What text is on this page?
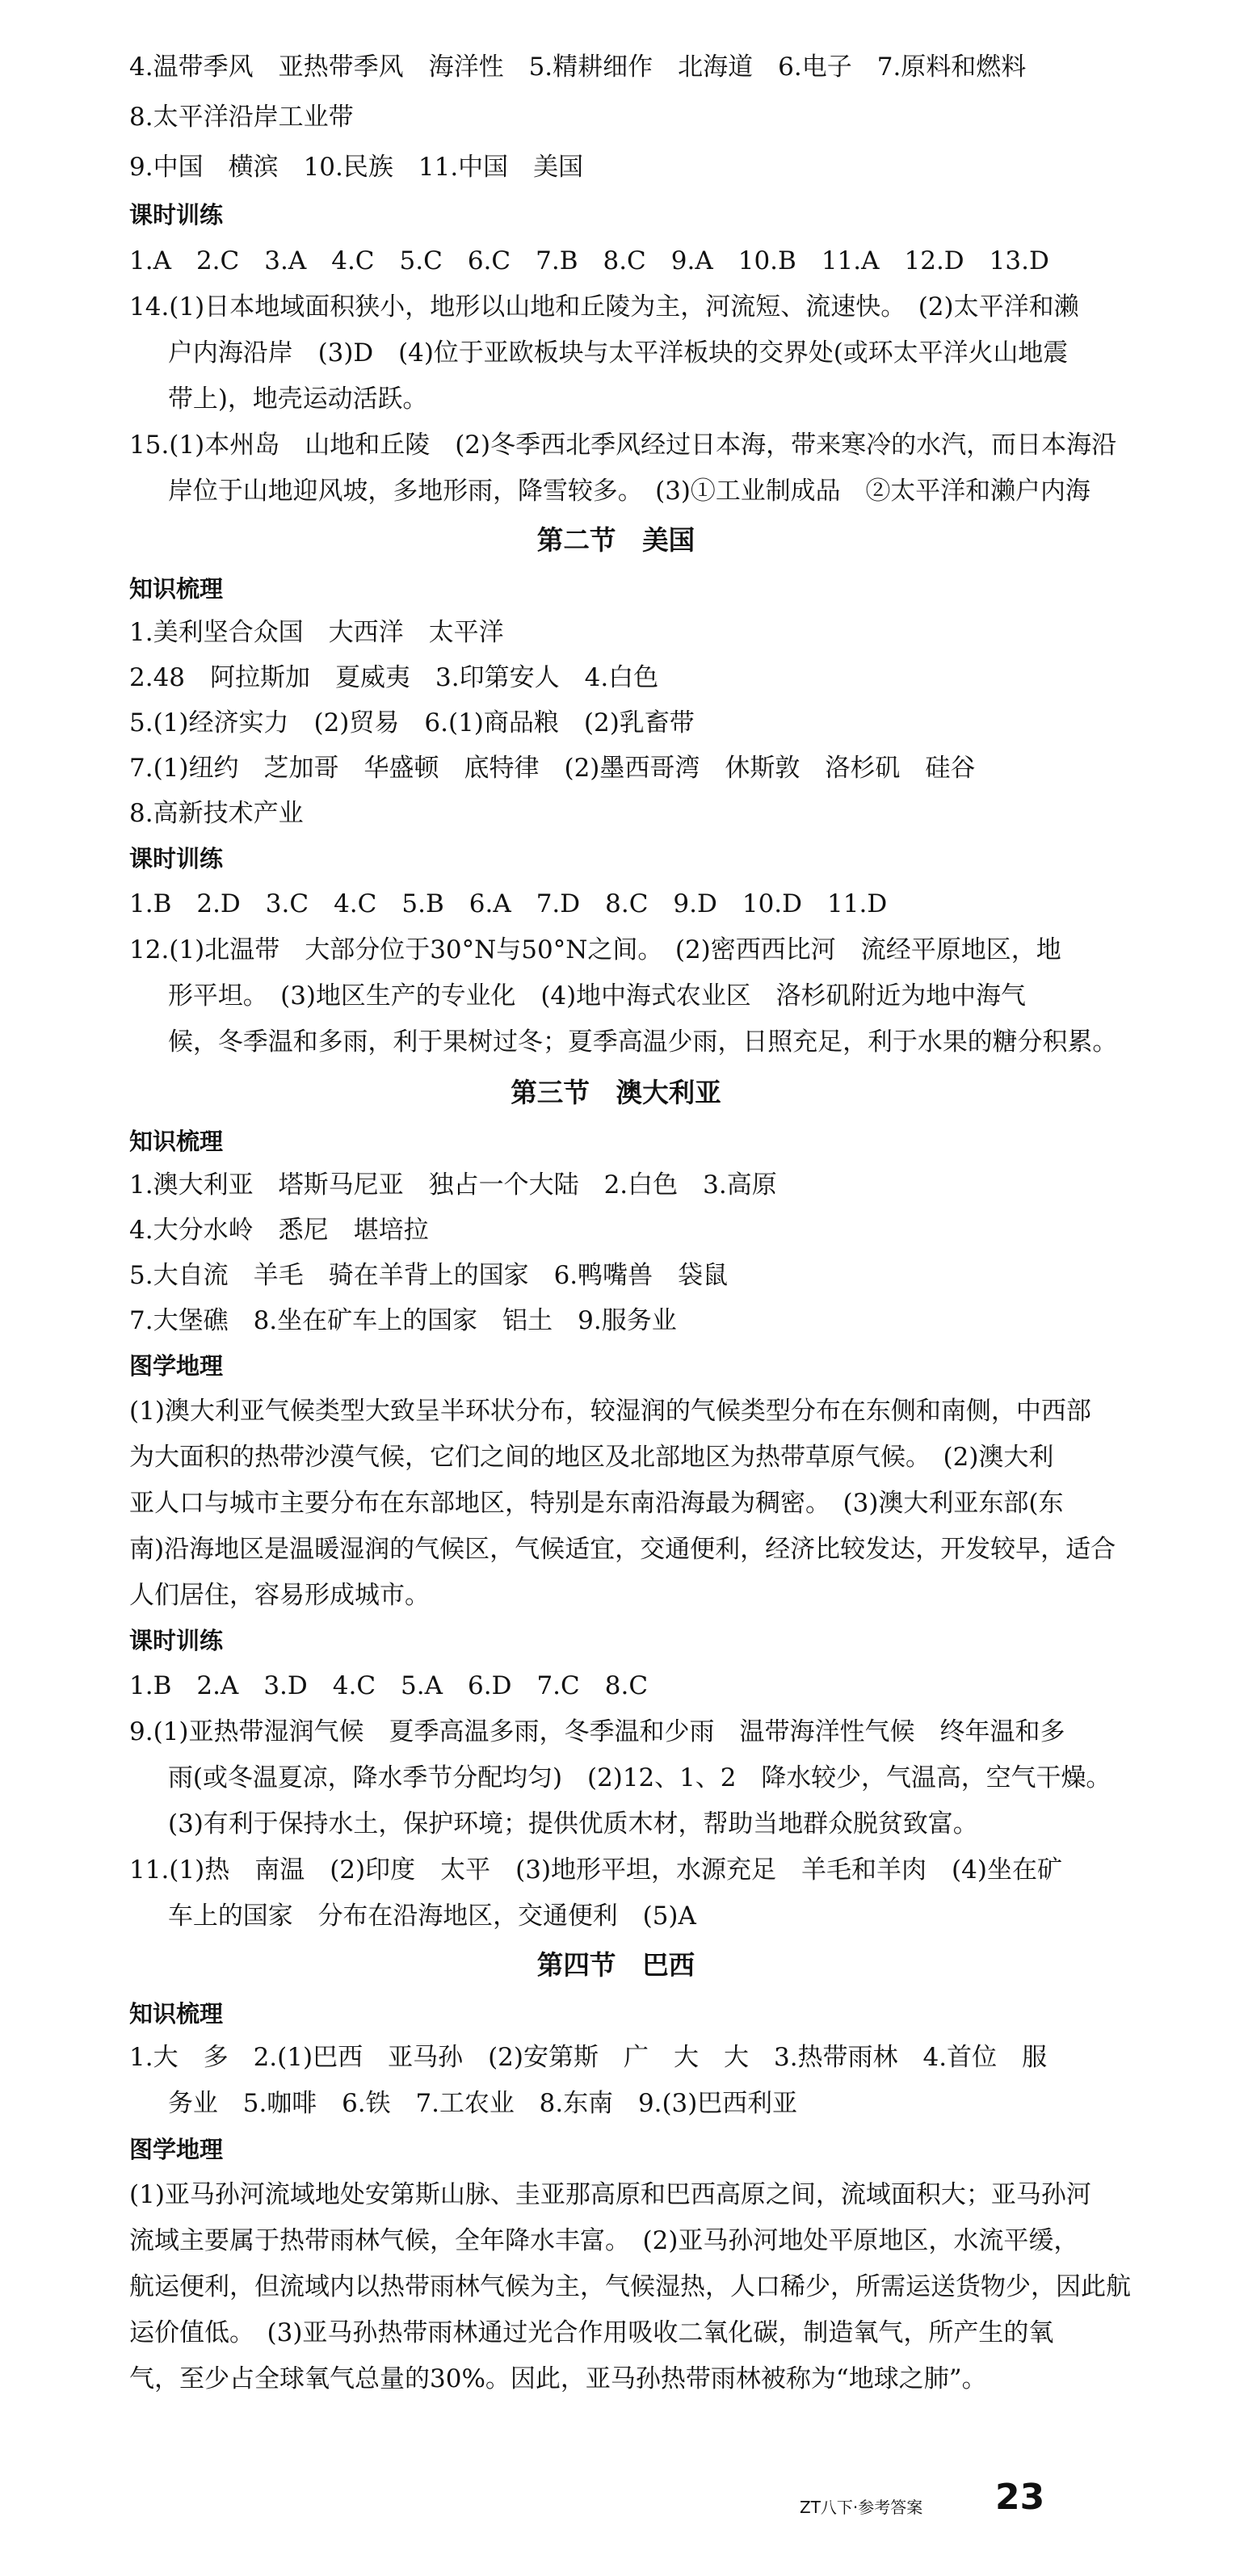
4.温带季风　亚热带季风　海洋性　5.精耕细作　北海道　6.电子　7.原料和燃料
8.太平洋沿岸工业带
9.中国　横滨　10.民族　11.中国　美国
课时训练
1.A　2.C　3.A　4.C　5.C　6.C　7.B　8.C　9.A　10.B　11.A　12.D　13.D
14.(1)日本地域面积狭小，地形以山地和丘陵为主，河流短、流速快。　(2)太平洋和濑
户内海沿岸　(3)D　(4)位于亚欧板块与太平洋板块的交界处(或环太平洋火山地震
带上)，地壳运动活跃。
15.(1)本州岛　山地和丘陵　(2)冬季西北季风经过日本海，带来寒冷的水汽，而日本海沿
岸位于山地迎风坡，多地形雨，降雪较多。　(3)①工业制成品　②太平洋和濑户内海
第二节　美国
知识梳理
1.美利坚合众国　大西洋　太平洋
2.48　阿拉斯加　夏威夷　3.印第安人　4.白色
5.(1)经济实力　(2)贸易　6.(1)商品粮　(2)乳畜带
7.(1)纽约　芝加哥　华盛顿　底特律　(2)墨西哥湾　休斯敦　洛杉矶　硅谷
8.高新技术产业
课时训练
1.B　2.D　3.C　4.C　5.B　6.A　7.D　8.C　9.D　10.D　11.D
12.(1)北温带　大部分位于30°N与50°N之间。　(2)密西西比河　流经平原地区，地
形平坦。　(3)地区生产的专业化　(4)地中海式农业区　洛杉矶附近为地中海气
候，冬季温和多雨，利于果树过冬；夏季高温少雨，日照充足，利于水果的糖分积累。
第三节　澳大利亚
知识梳理
1.澳大利亚　塔斯马尼亚　独占一个大陆　2.白色　3.高原
4.大分水岭　悉尼　堪培拉
5.大自流　羊毛　骑在羊背上的国家　6.鸭嘴兽　袋鼠
7.大堡礁　8.坐在矿车上的国家　铝土　9.服务业
图学地理
(1)澳大利亚气候类型大致呈半环状分布，较湿润的气候类型分布在东侧和南侧，中西部
为大面积的热带沙漠气候，它们之间的地区及北部地区为热带草原气候。　(2)澳大利
亚人口与城市主要分布在东部地区，特别是东南沿海最为稠密。　(3)澳大利亚东部(东
南)沿海地区是温暖湿润的气候区，气候适宜，交通便利，经济比较发达，开发较早，适合
人们居住，容易形成城市。
课时训练
1.B　2.A　3.D　4.C　5.A　6.D　7.C　8.C
9.(1)亚热带湿润气候　夏季高温多雨，冬季温和少雨　温带海洋性气候　终年温和多
雨(或冬温夏凉，降水季节分配均匀)　(2)12、1、2　降水较少，气温高，空气干燥。
(3)有利于保持水土，保护环境；提供优质木材，帮助当地群众脱贫致富。
11.(1)热　南温　(2)印度　太平　(3)地形平坦，水源充足　羊毛和羊肉　(4)坐在矿
车上的国家　分布在沿海地区，交通便利　(5)A
第四节　巴西
知识梳理
1.大　多　2.(1)巴西　亚马孙　(2)安第斯　广　大　大　3.热带雨林　4.首位　服
务业　5.咖啡　6.铁　7.工农业　8.东南　9.(3)巴西利亚
图学地理
(1)亚马孙河流域地处安第斯山脉、圭亚那高原和巴西高原之间，流域面积大；亚马孙河
流域主要属于热带雨林气候，全年降水丰富。　(2)亚马孙河地处平原地区，水流平缓，
航运便利，但流域内以热带雨林气候为主，气候湿热，人口稀少，所需运送货物少，因此航
运价值低。　(3)亚马孙热带雨林通过光合作用吸收二氧化碳，制造氧气，所产生的氧
气，至少占全球氧气总量的30%。因此，亚马孙热带雨林被称为“地球之肺”。
ZT八下·参考答案 23
